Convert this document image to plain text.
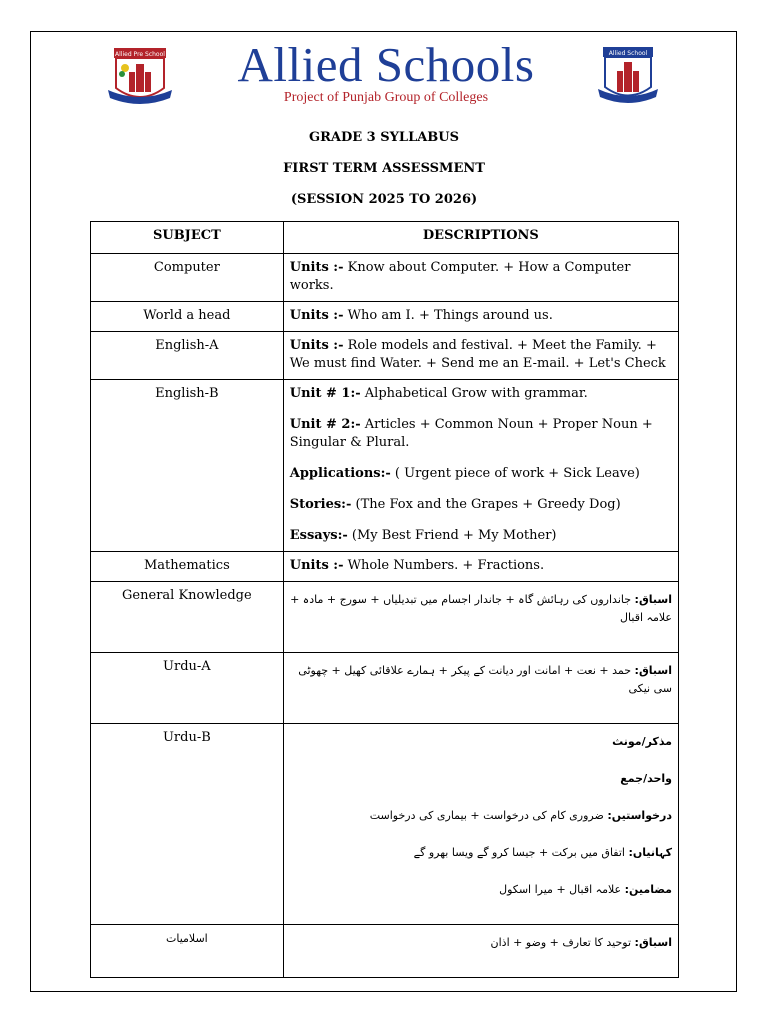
Allied Pre School	Allied Schools
Project of Punjab Group of Colleges
Allied School
GRADE 3 SYLLABUS
FIRST TERM ASSESSMENT
(SESSION 2025 TO 2026)
SUBJECT	DESCRIPTIONS
Computer	Units :- Know about Computer. + How a Computer works.

World a head	Units :- Who am I. + Things around us.

English-A	Units :- Role models and festival. + Meet the Family. + We must find Water. + Send me an E-mail. + Let's Check

English-B	Unit # 1:- Alphabetical Grow with grammar.
Unit # 2:- Articles + Common Noun + Proper Noun + Singular & Plural.
Applications:- ( Urgent piece of work + Sick Leave)
Stories:- (The Fox and the Grapes + Greedy Dog)
Essays:- (My Best Friend + My Mother)

Mathematics	Units :- Whole Numbers. + Fractions.

General Knowledge	اسباق: جانداروں کی رہائش گاہ + جاندار اجسام میں تبدیلیاں + سورج + مادہ + علامہ اقبال

Urdu-A	اسباق: حمد + نعت + امانت اور دیانت کے پیکر + ہمارے علاقائی کھیل + چھوٹی سی نیکی

Urdu-B	مذکر/مونث
واحد/جمع
درخواستیں: ضروری کام کی درخواست + بیماری کی درخواست
کہانیاں: اتفاق میں برکت + جیسا کرو گے ویسا بھرو گے
مضامین: علامہ اقبال + میرا اسکول

اسلامیات	اسباق: توحید کا تعارف + وضو + اذان
